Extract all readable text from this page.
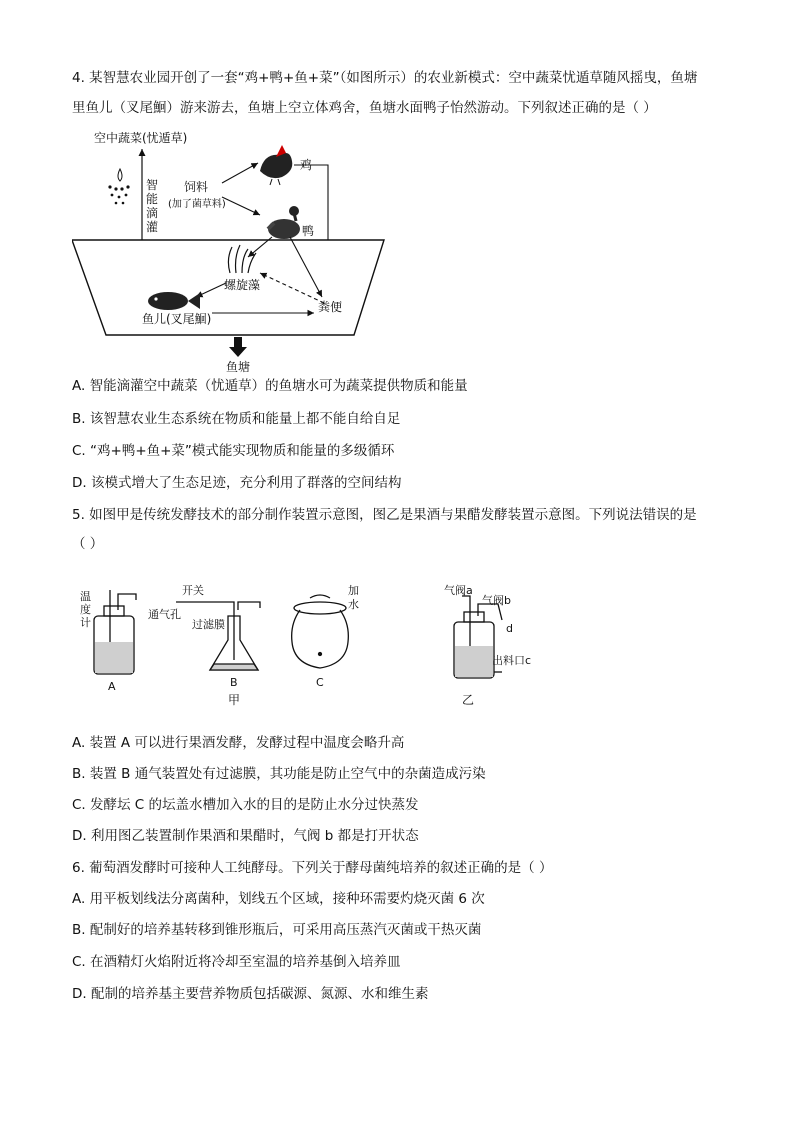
4. 某智慧农业园开创了一套“鸡+鸭+鱼+菜”（如图所示）的农业新模式：空中蔬菜忧遁草随风摇曳，鱼塘
里鱼儿（叉尾鮰）游来游去，鱼塘上空立体鸡舍，鱼塘水面鸭子怡然游动。下列叙述正确的是（ ）
空中蔬菜(忧遁草)
智
能
滴
灌
饲料
(加了菌草料)
鸡
鸭
螺旋藻
鱼儿(叉尾鮰)
粪便
鱼塘
A. 智能滴灌空中蔬菜（忧遁草）的鱼塘水可为蔬菜提供物质和能量
B. 该智慧农业生态系统在物质和能量上都不能自给自足
C. “鸡+鸭+鱼+菜”模式能实现物质和能量的多级循环
D. 该模式增大了生态足迹，充分利用了群落的空间结构
5. 如图甲是传统发酵技术的部分制作装置示意图，图乙是果酒与果醋发酵装置示意图。下列说法错误的是
（ ）
温
度
计
A
开关
通气孔
过滤膜
B
甲
加
水
C
气阀a
气阀b
d
出料口c
乙
A. 装置 A 可以进行果酒发酵，发酵过程中温度会略升高
B. 装置 B 通气装置处有过滤膜，其功能是防止空气中的杂菌造成污染
C. 发酵坛 C 的坛盖水槽加入水的目的是防止水分过快蒸发
D. 利用图乙装置制作果酒和果醋时，气阀 b 都是打开状态
6. 葡萄酒发酵时可接种人工纯酵母。下列关于酵母菌纯培养的叙述正确的是（ ）
A. 用平板划线法分离菌种，划线五个区域，接种环需要灼烧灭菌 6 次
B. 配制好的培养基转移到锥形瓶后，可采用高压蒸汽灭菌或干热灭菌
C. 在酒精灯火焰附近将冷却至室温的培养基倒入培养皿
D. 配制的培养基主要营养物质包括碳源、氮源、水和维生素
